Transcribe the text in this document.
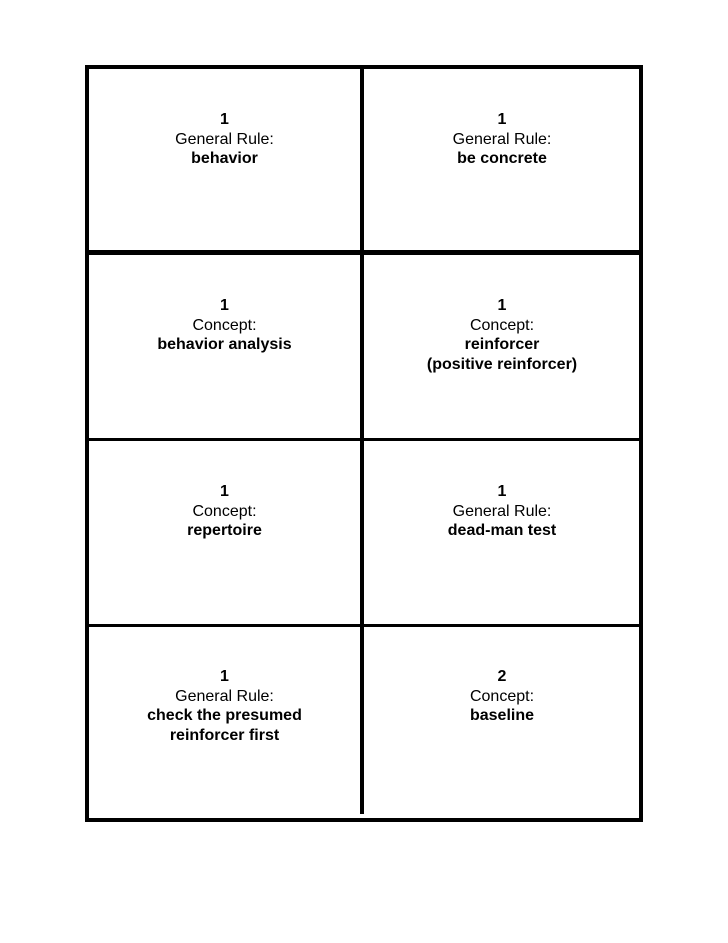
1
General Rule:
behavior
1
General Rule:
be concrete
1
Concept:
behavior analysis
1
Concept:
reinforcer
(positive reinforcer)
1
Concept:
repertoire
1
General Rule:
dead-man test
1
General Rule:
check the presumed
reinforcer first
2
Concept:
baseline
